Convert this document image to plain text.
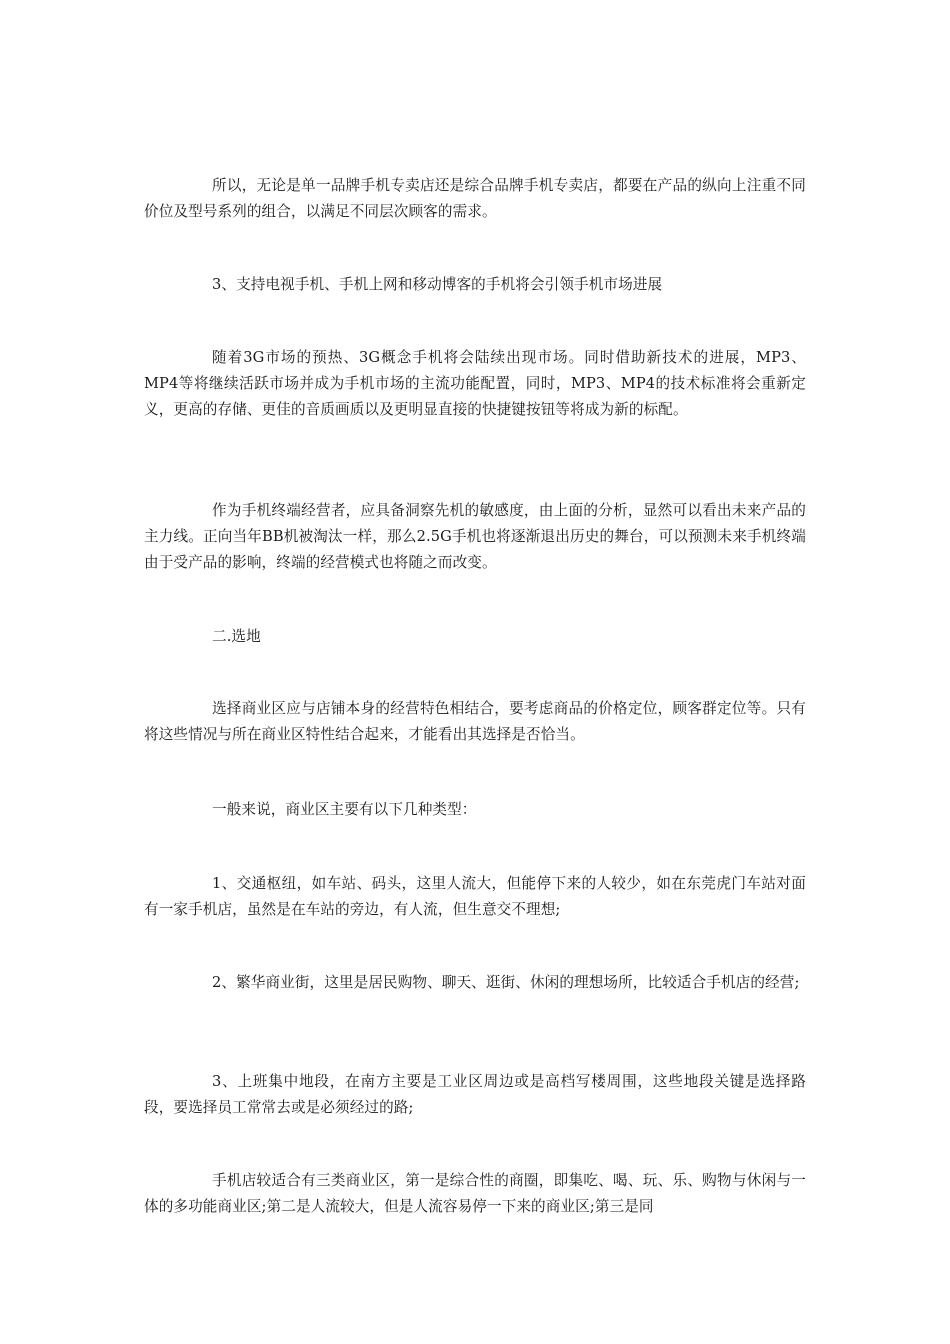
所以，无论是单一品牌手机专卖店还是综合品牌手机专卖店，都要在产品的纵向上注重不同价位及型号系列的组合，以满足不同层次顾客的需求。

3、支持电视手机、手机上网和移动博客的手机将会引领手机市场进展

随着3G市场的预热、3G概念手机将会陆续出现市场。同时借助新技术的进展，MP3、MP4等将继续活跃市场并成为手机市场的主流功能配置，同时，MP3、MP4的技术标准将会重新定义，更高的存储、更佳的音质画质以及更明显直接的快捷键按钮等将成为新的标配。

作为手机终端经营者，应具备洞察先机的敏感度，由上面的分析，显然可以看出未来产品的主力线。正向当年BB机被淘汰一样，那么2.5G手机也将逐渐退出历史的舞台，可以预测未来手机终端由于受产品的影响，终端的经营模式也将随之而改变。

二.选地

选择商业区应与店铺本身的经营特色相结合，要考虑商品的价格定位，顾客群定位等。只有将这些情况与所在商业区特性结合起来，才能看出其选择是否恰当。

一般来说，商业区主要有以下几种类型：

1、交通枢纽，如车站、码头，这里人流大，但能停下来的人较少，如在东莞虎门车站对面有一家手机店，虽然是在车站的旁边，有人流，但生意交不理想;

2、繁华商业街，这里是居民购物、聊天、逛街、休闲的理想场所，比较适合手机店的经营;

3、上班集中地段，在南方主要是工业区周边或是高档写楼周围，这些地段关键是选择路段，要选择员工常常去或是必须经过的路;

手机店较适合有三类商业区，第一是综合性的商圈，即集吃、喝、玩、乐、购物与休闲与一体的多功能商业区;第二是人流较大，但是人流容易停一下来的商业区;第三是同
